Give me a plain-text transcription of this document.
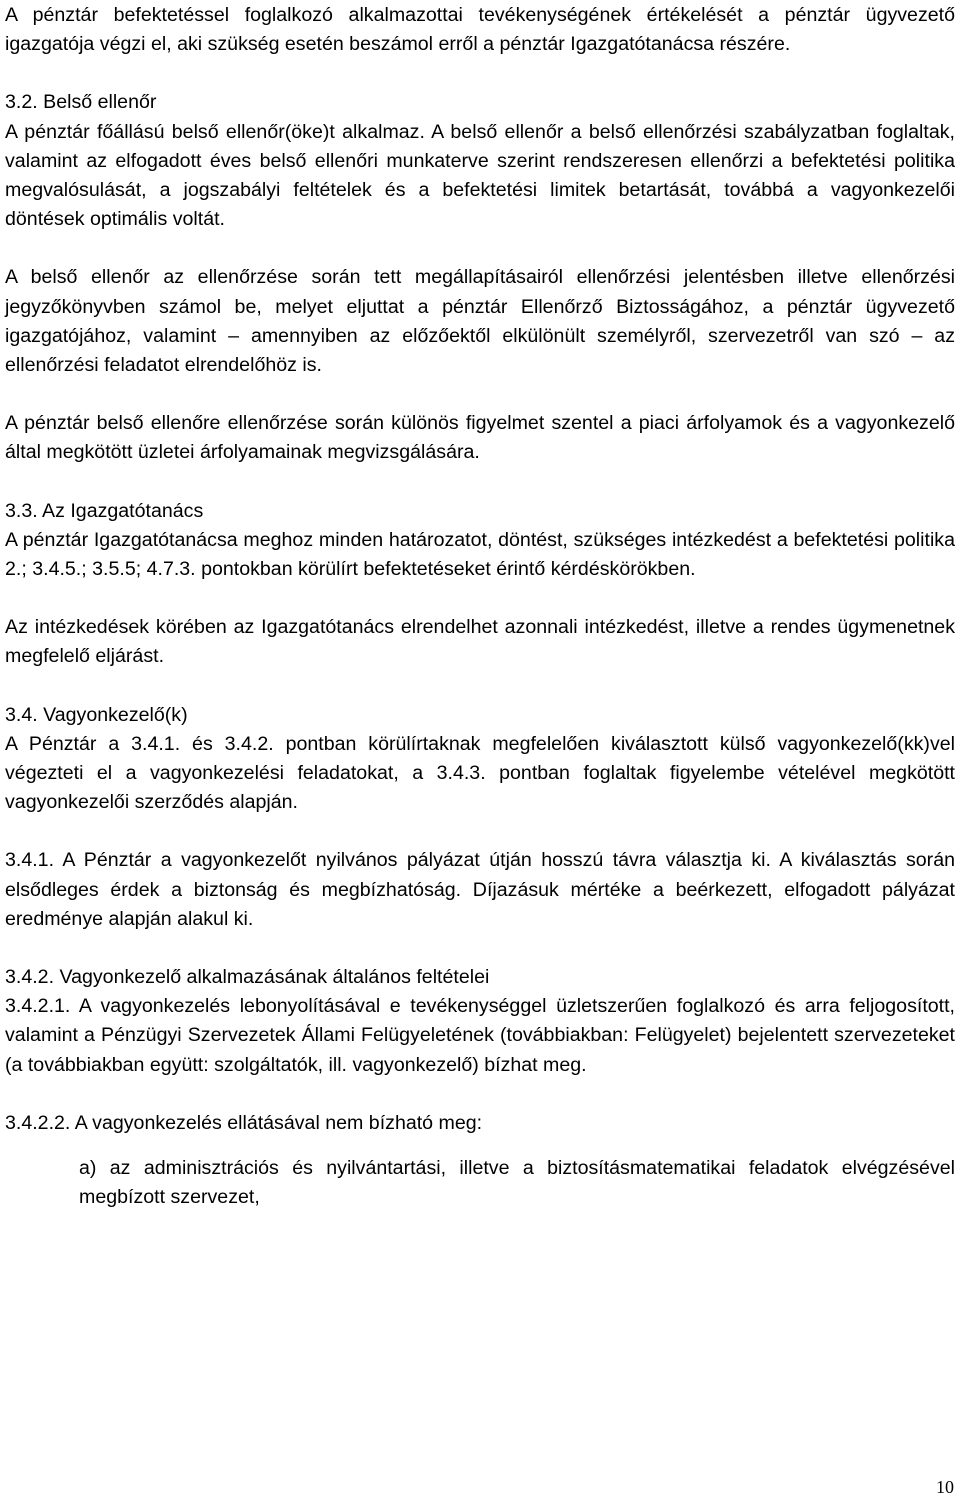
A pénztár befektetéssel foglalkozó alkalmazottai tevékenységének értékelését a pénztár ügyvezető igazgatója végzi el, aki szükség esetén beszámol erről a pénztár Igazgatótanácsa részére.

3.2. Belső ellenőr

A pénztár főállású belső ellenőr(öke)t alkalmaz. A belső ellenőr a belső ellenőrzési szabályzatban foglaltak, valamint az elfogadott éves belső ellenőri munkaterve szerint rendszeresen ellenőrzi a befektetési politika megvalósulását, a jogszabályi feltételek és a befektetési limitek betartását, továbbá a vagyonkezelői döntések optimális voltát.

A belső ellenőr az ellenőrzése során tett megállapításairól ellenőrzési jelentésben illetve ellenőrzési jegyzőkönyvben számol be, melyet eljuttat a pénztár Ellenőrző Biztosságához, a pénztár ügyvezető igazgatójához, valamint – amennyiben az előzőektől elkülönült személyről, szervezetről van szó – az ellenőrzési feladatot elrendelőhöz is.

A pénztár belső ellenőre ellenőrzése során különös figyelmet szentel a piaci árfolyamok és a vagyonkezelő által megkötött üzletei árfolyamainak megvizsgálására.

3.3. Az Igazgatótanács

A pénztár Igazgatótanácsa meghoz minden határozatot, döntést, szükséges intézkedést a befektetési politika 2.; 3.4.5.; 3.5.5; 4.7.3. pontokban körülírt befektetéseket érintő kérdéskörökben.

Az intézkedések körében az Igazgatótanács elrendelhet azonnali intézkedést, illetve a rendes ügymenetnek megfelelő eljárást.

3.4. Vagyonkezelő(k)

A Pénztár a 3.4.1. és 3.4.2. pontban körülírtaknak megfelelően kiválasztott külső vagyonkezelő(kk)vel végezteti el a vagyonkezelési feladatokat, a 3.4.3. pontban foglaltak figyelembe vételével megkötött vagyonkezelői szerződés alapján.

3.4.1. A Pénztár a vagyonkezelőt nyilvános pályázat útján hosszú távra választja ki. A kiválasztás során elsődleges érdek a biztonság és megbízhatóság. Díjazásuk mértéke a beérkezett, elfogadott pályázat eredménye alapján alakul ki.

3.4.2. Vagyonkezelő alkalmazásának általános feltételei

3.4.2.1. A vagyonkezelés lebonyolításával e tevékenységgel üzletszerűen foglalkozó és arra feljogosított, valamint a Pénzügyi Szervezetek Állami Felügyeletének (továbbiakban: Felügyelet) bejelentett szervezeteket (a továbbiakban együtt: szolgáltatók, ill. vagyonkezelő) bízhat meg.

3.4.2.2. A vagyonkezelés ellátásával nem bízható meg:

a) az adminisztrációs és nyilvántartási, illetve a biztosításmatematikai feladatok elvégzésével megbízott szervezet,

10
